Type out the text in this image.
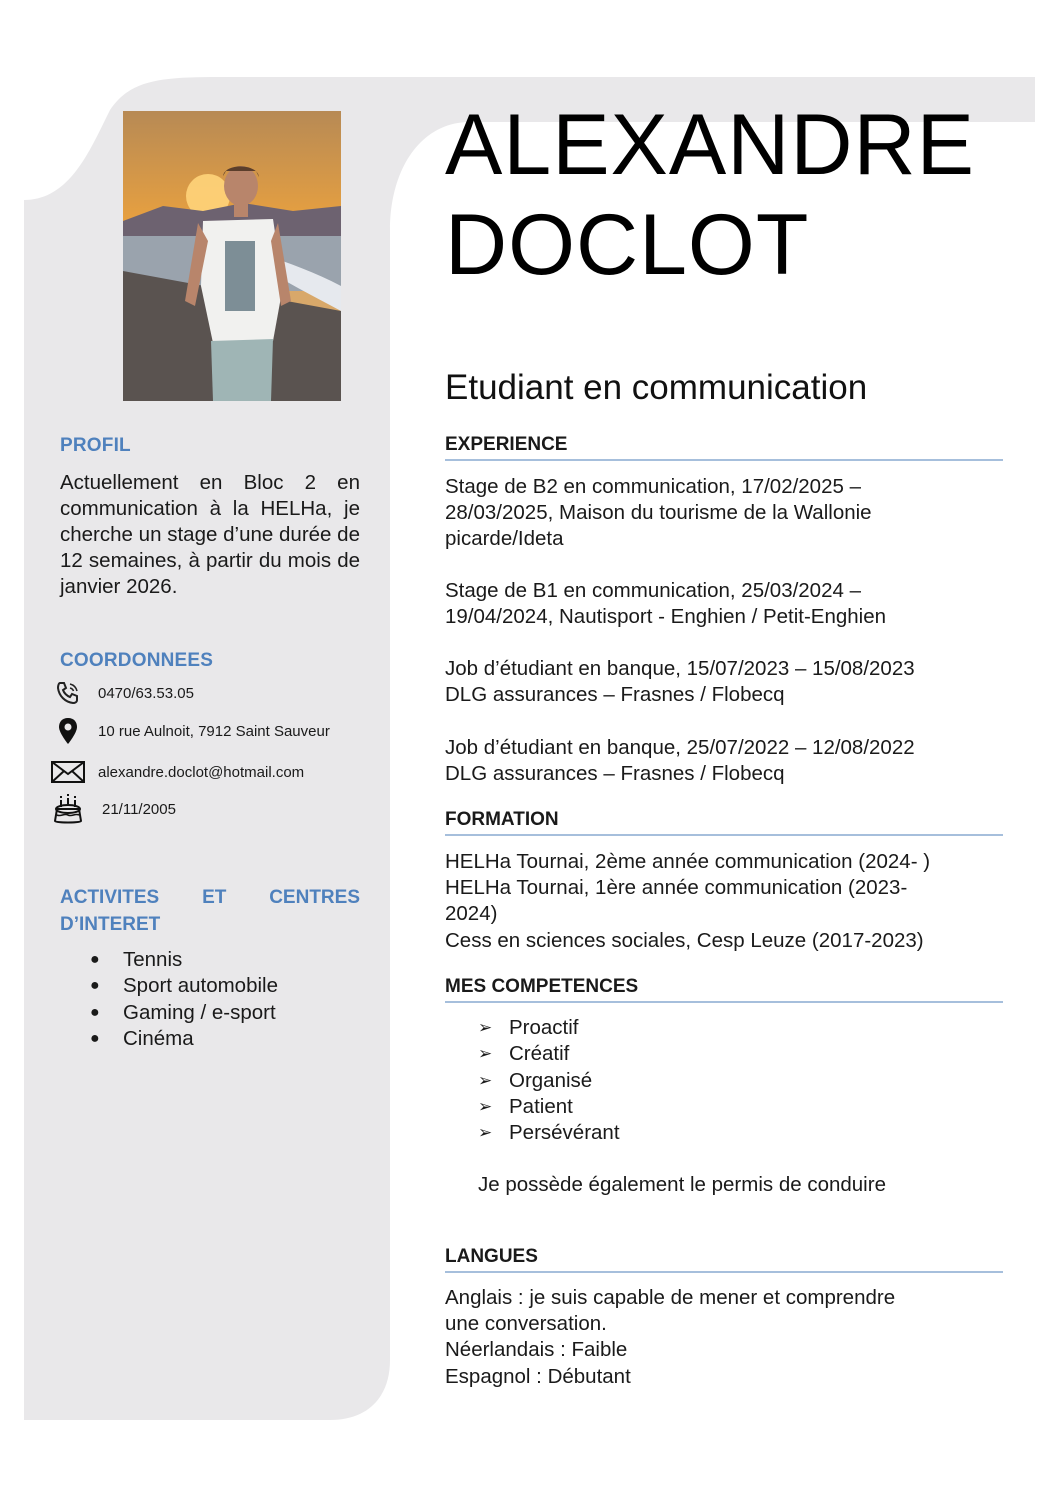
PROFIL
Actuellement en Bloc 2 en communication à la HELHa, je cherche un stage d’une durée de 12 semaines, à partir du mois de janvier 2026.
COORDONNEES
0470/63.53.05
10 rue Aulnoit, 7912 Saint Sauveur
alexandre.doclot@hotmail.com
21/11/2005
ACTIVITES ET CENTRES
D’INTERET
●	Tennis
●	Sport automobile
●	Gaming / e-sport
●	Cinéma
ALEXANDRE
DOCLOT
Etudiant en communication
EXPERIENCE
Stage de B2 en communication, 17/02/2025 –
28/03/2025, Maison du tourisme de la Wallonie
picarde/Ideta
Stage de B1 en communication, 25/03/2024 –
19/04/2024, Nautisport - Enghien / Petit-Enghien
Job d’étudiant en banque, 15/07/2023 – 15/08/2023
DLG assurances – Frasnes / Flobecq
Job d’étudiant en banque, 25/07/2022 – 12/08/2022
DLG assurances – Frasnes / Flobecq
FORMATION
HELHa Tournai, 2ème année communication (2024- )
HELHa Tournai, 1ère année communication (2023-
2024)
Cess en sciences sociales, Cesp Leuze (2017-2023)
MES COMPETENCES
➢ Proactif
➢ Créatif
➢ Organisé
➢ Patient
➢ Persévérant
Je possède également le permis de conduire
LANGUES
Anglais : je suis capable de mener et comprendre
une conversation.
Néerlandais : Faible
Espagnol : Débutant
